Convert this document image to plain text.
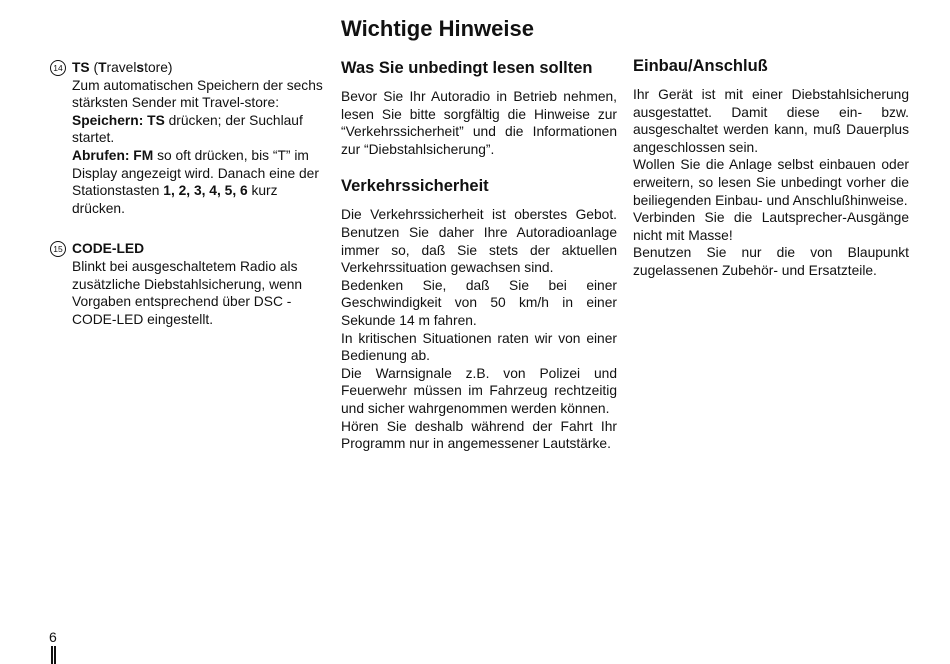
Wichtige Hinweise
14 TS (Travelstore)
Zum automatischen Speichern der sechs stärksten Sender mit Travel-store:
Speichern: TS drücken; der Suchlauf startet.
Abrufen: FM so oft drücken, bis “T” im Display angezeigt wird. Danach eine der Stationstasten 1, 2, 3, 4, 5, 6 kurz drücken.
15 CODE-LED
Blinkt bei ausgeschaltetem Radio als zusätzliche Diebstahlsicherung, wenn Vorgaben entsprechend über DSC - CODE-LED eingestellt.
Was Sie unbedingt lesen sollten

Bevor Sie Ihr Autoradio in Betrieb nehmen, lesen Sie bitte sorgfältig die Hinweise zur “Verkehrssicherheit” und die Informationen zur “Diebstahlsicherung”.

Verkehrssicherheit

Die Verkehrssicherheit ist oberstes Gebot. Benutzen Sie daher Ihre Autoradioanlage immer so, daß Sie stets der aktuellen Verkehrssituation gewachsen sind.

Bedenken Sie, daß Sie bei einer Geschwindigkeit von 50 km/h in einer Sekunde 14 m fahren.

In kritischen Situationen raten wir von einer Bedienung ab.

Die Warnsignale z.B. von Polizei und Feuerwehr müssen im Fahrzeug rechtzeitig und sicher wahrgenommen werden können.

Hören Sie deshalb während der Fahrt Ihr Programm nur in angemessener Lautstärke.

Einbau/Anschluß

Ihr Gerät ist mit einer Diebstahlsicherung ausgestattet. Damit diese ein- bzw. ausgeschaltet werden kann, muß Dauerplus angeschlossen sein.

Wollen Sie die Anlage selbst einbauen oder erweitern, so lesen Sie unbedingt vorher die beiliegenden Einbau- und Anschlußhinweise.

Verbinden Sie die Lautsprecher-Ausgänge nicht mit Masse!

Benutzen Sie nur die von Blaupunkt zugelassenen Zubehör- und Ersatzteile.

6
